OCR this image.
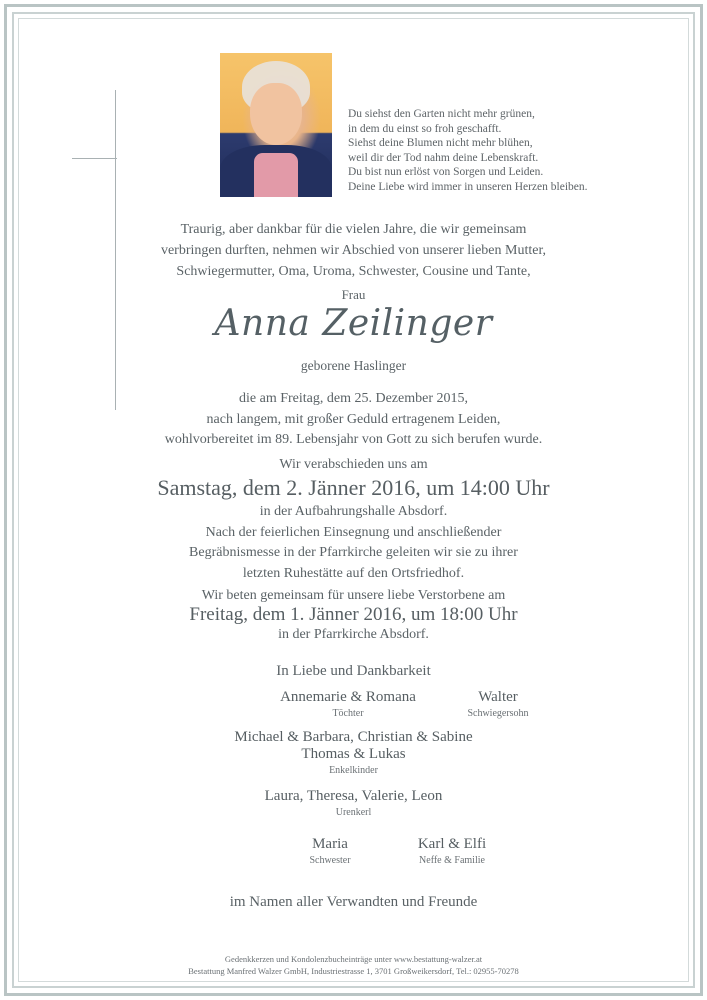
Du siehst den Garten nicht mehr grünen,
in dem du einst so froh geschafft.
Siehst deine Blumen nicht mehr blühen,
weil dir der Tod nahm deine Lebenskraft.
Du bist nun erlöst von Sorgen und Leiden.
Deine Liebe wird immer in unseren Herzen bleiben.
Traurig, aber dankbar für die vielen Jahre, die wir gemeinsam
verbringen durften, nehmen wir Abschied von unserer lieben Mutter,
Schwiegermutter, Oma, Uroma, Schwester, Cousine und Tante,
Frau
Anna Zeilinger
geborene Haslinger
die am Freitag, dem 25. Dezember 2015,
nach langem, mit großer Geduld ertragenem Leiden,
wohlvorbereitet im 89. Lebensjahr von Gott zu sich berufen wurde.
Wir verabschieden uns am
Samstag, dem 2. Jänner 2016, um 14:00 Uhr
in der Aufbahrungshalle Absdorf.
Nach der feierlichen Einsegnung und anschließender
Begräbnismesse in der Pfarrkirche geleiten wir sie zu ihrer
letzten Ruhestätte auf den Ortsfriedhof.
Wir beten gemeinsam für unsere liebe Verstorbene am
Freitag, dem 1. Jänner 2016, um 18:00 Uhr
in der Pfarrkirche Absdorf.
In Liebe und Dankbarkeit
Annemarie & Romana
Töchter
Walter
Schwiegersohn
Michael & Barbara, Christian & Sabine
Thomas & Lukas
Enkelkinder
Laura, Theresa, Valerie, Leon
Urenkerl
Maria
Schwester
Karl & Elfi
Neffe & Familie
im Namen aller Verwandten und Freunde
Gedenkkerzen und Kondolenzbucheinträge unter www.bestattung-walzer.at
Bestattung Manfred Walzer GmbH, Industriestrasse 1, 3701 Großweikersdorf, Tel.: 02955-70278
